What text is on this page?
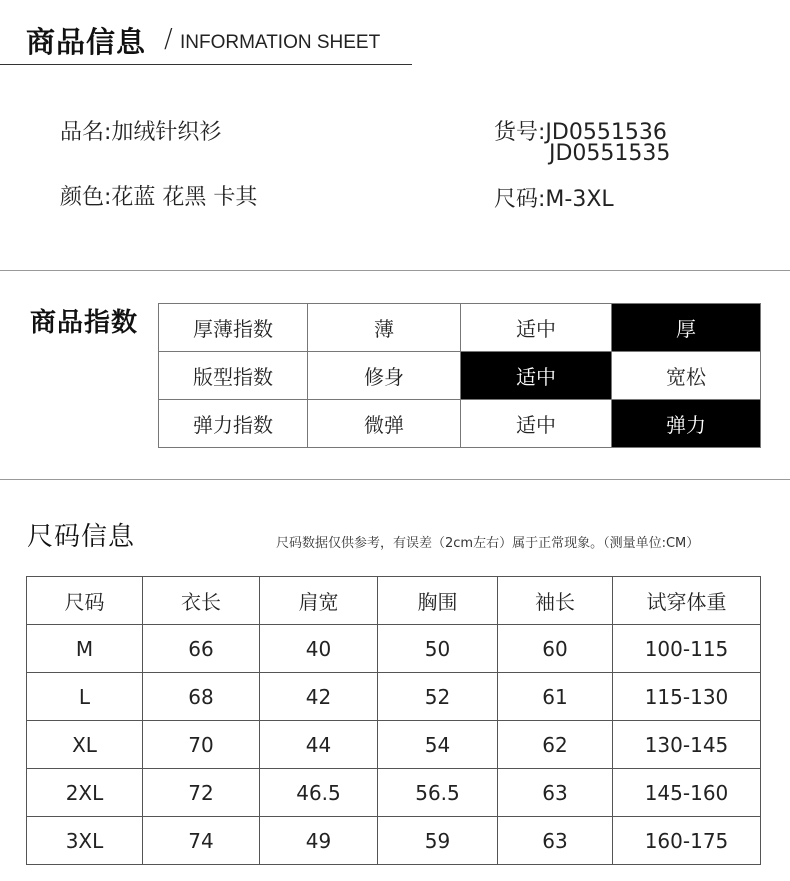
商品信息 / INFORMATION SHEET
品名:加绒针织衫
颜色:花蓝 花黑 卡其
货号:JD0551536
JD0551535
尺码:M-3XL
商品指数	厚薄指数	薄	适中	厚
版型指数	修身	适中	宽松
弹力指数	微弹	适中	弹力
尺码信息	尺码数据仅供参考，有误差（2cm左右）属于正常现象。（测量单位:CM）
尺码	衣长	肩宽	胸围	袖长	试穿体重
M	66	40	50	60	100-115
L	68	42	52	61	115-130
XL	70	44	54	62	130-145
2XL	72	46.5	56.5	63	145-160
3XL	74	49	59	63	160-175
